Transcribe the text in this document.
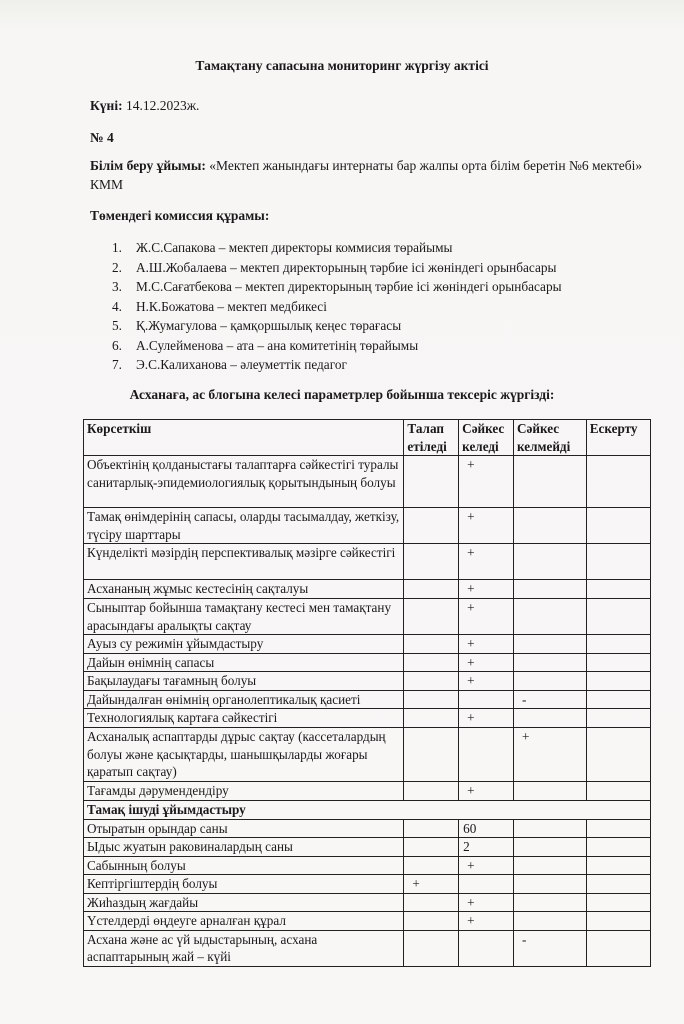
Тамақтану сапасына мониторинг жүргізу актісі
Күні: 14.12.2023ж.
№ 4
Білім беру ұйымы: «Мектеп жанындағы интернаты бар жалпы орта білім беретін №6 мектебі» КММ
Төмендегі комиссия құрамы:
1. Ж.С.Сапакова – мектеп директоры коммисия төрайымы
2. А.Ш.Жобалаева – мектеп директорының тәрбие ісі жөніндегі орынбасары
3. М.С.Сағатбекова – мектеп директорының тәрбие ісі жөніндегі орынбасары
4. Н.К.Божатова – мектеп медбикесі
5. Қ.Жумагулова – қамқоршылық кеңес төрағасы
6. А.Сулейменова – ата – ана комитетінің төрайымы
7. Э.С.Калиханова – әлеуметтік педагог
Асханаға, ас блогына келесі параметрлер бойынша тексеріс жүргізді:
Көрсеткіш	Талап етіледі	Сәйкес келеді	Сәйкес келмейді	Ескерту
Объектінің қолданыстағы талаптарға сәйкестігі туралы санитарлық-эпидемиологиялық қорытындының болуы		+		
Тамақ өнімдерінің сапасы, оларды тасымалдау, жеткізу, түсіру шарттары		+		
Күнделікті мәзірдің перспективалық мәзірге сәйкестігі		+		
Асхананың жұмыс кестесінің сақталуы		+		
Сыныптар бойынша тамақтану кестесі мен тамақтану арасындағы аралықты сақтау		+		
Ауыз су режимін ұйымдастыру		+		
Дайын өнімнің сапасы		+		
Бақылаудағы тағамның болуы		+		
Дайындалған өнімнің органолептикалық қасиеті			-	
Технологиялық картаға сәйкестігі		+		
Асханалық аспаптарды дұрыс сақтау (кассеталардың болуы және қасықтарды, шанышқыларды жоғары қаратып сақтау)			+	
Тағамды дәрумендендіру		+		
Тамақ ішуді ұйымдастыру				
Отыратын орындар саны		60		
Ыдыс жуатын раковиналардың саны		2		
Сабынның болуы		+		
Кептіргіштердің болуы	+			
Жиһаздың жағдайы		+		
Үстелдерді өңдеуге арналған құрал		+		
Асхана және ас үй ыдыстарының, асхана аспаптарының жай – күйі			-	
